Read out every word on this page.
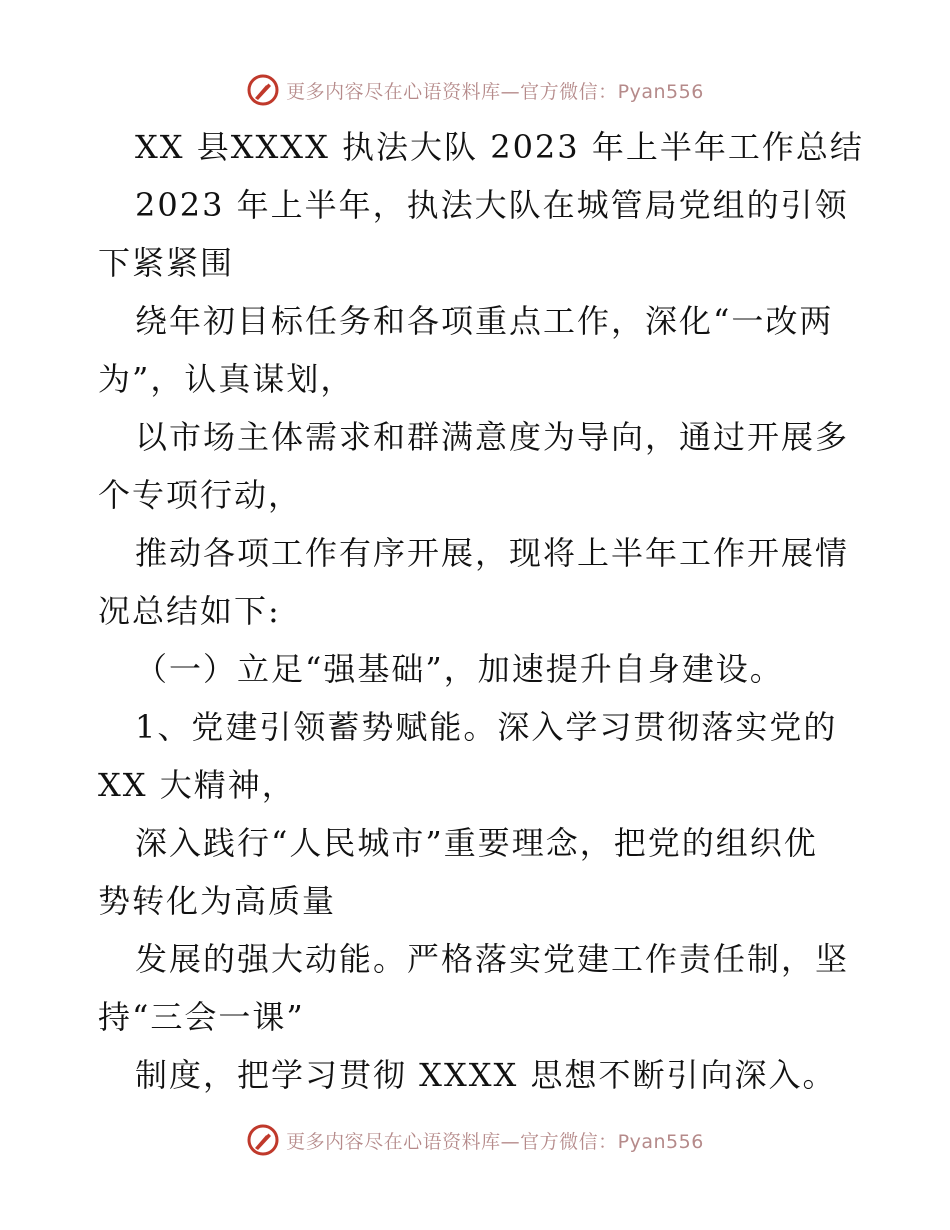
更多内容尽在心语资料库—官方微信：Pyan556
XX 县XXXX 执法大队 2023 年上半年工作总结
2023 年上半年，执法大队在城管局党组的引领
下紧紧围
绕年初目标任务和各项重点工作，深化“一改两
为”，认真谋划，
以市场主体需求和群满意度为导向，通过开展多
个专项行动，
推动各项工作有序开展，现将上半年工作开展情
况总结如下:
（一）立足“强基础”，加速提升自身建设。
1、党建引领蓄势赋能。深入学习贯彻落实党的
XX 大精神，
深入践行“人民城市”重要理念，把党的组织优
势转化为高质量
发展的强大动能。严格落实党建工作责任制，坚
持“三会一课”
制度，把学习贯彻 XXXX 思想不断引向深入。
更多内容尽在心语资料库—官方微信：Pyan556
